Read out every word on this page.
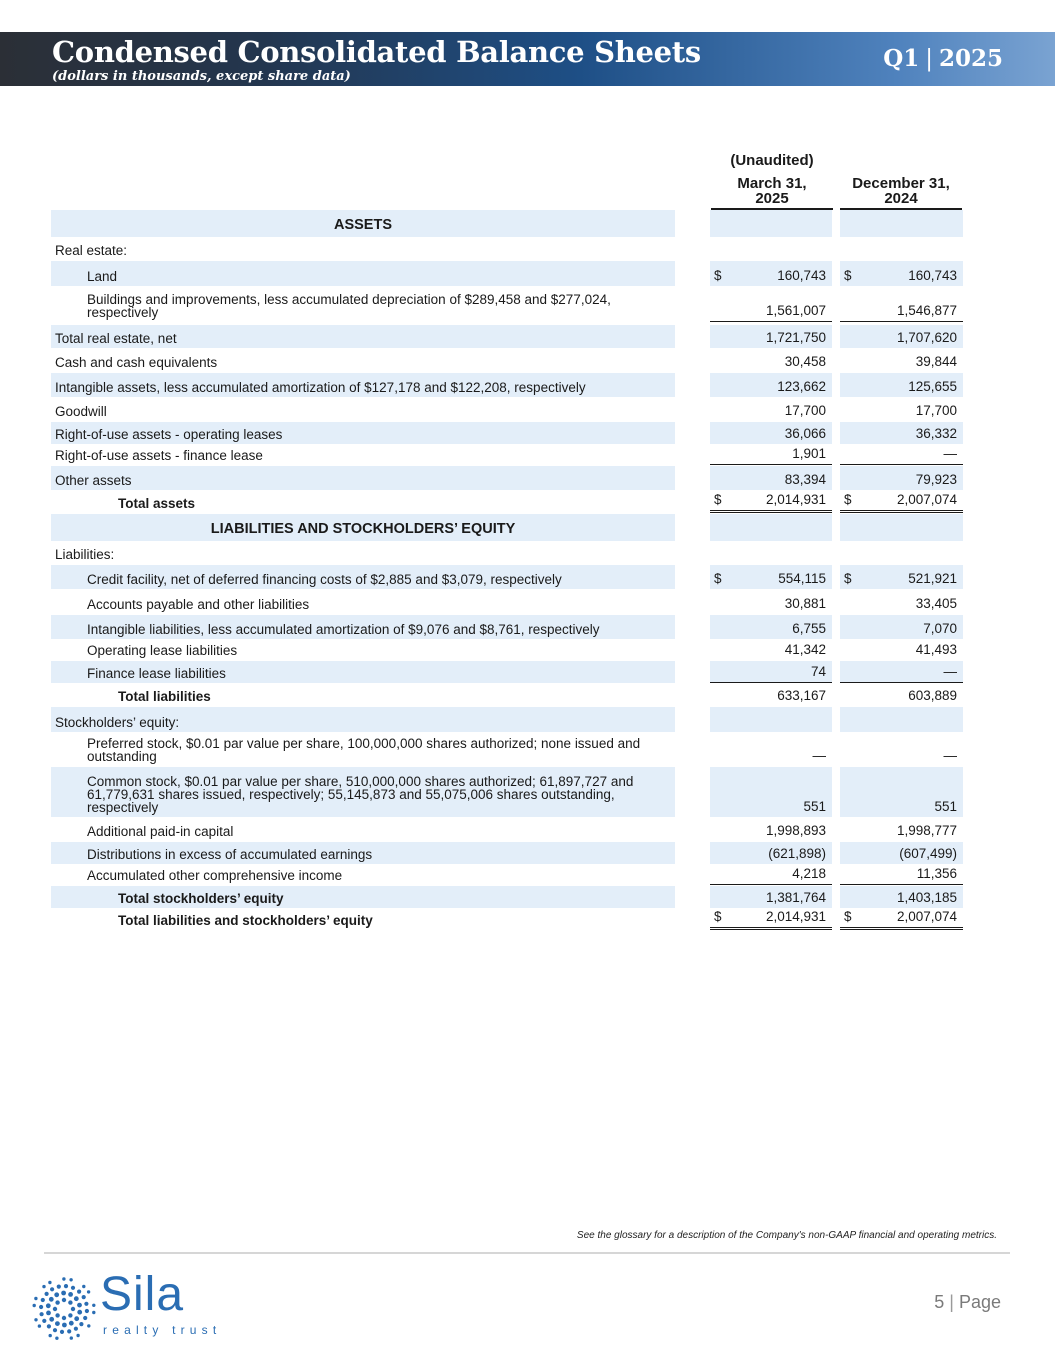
Condensed Consolidated Balance Sheets
(dollars in thousands, except share data)
Q1 | 2025
(Unaudited)
March 31,
2025
December 31,
2024
ASSETS
Real estate:
Land	$	160,743 $	160,743
Buildings and improvements, less accumulated depreciation of $289,458 and $277,024, respectively	1,561,007	1,546,877
Total real estate, net	1,721,750	1,707,620
Cash and cash equivalents	30,458	39,844
Intangible assets, less accumulated amortization of $127,178 and $122,208, respectively	123,662	125,655
Goodwill	17,700	17,700
Right-of-use assets - operating leases	36,066	36,332
Right-of-use assets - finance lease	1,901	—
Other assets	83,394	79,923
Total assets	$	2,014,931 $	2,007,074
LIABILITIES AND STOCKHOLDERS’ EQUITY
Liabilities:
Credit facility, net of deferred financing costs of $2,885 and $3,079, respectively	$	554,115 $	521,921
Accounts payable and other liabilities	30,881	33,405
Intangible liabilities, less accumulated amortization of $9,076 and $8,761, respectively	6,755	7,070
Operating lease liabilities	41,342	41,493
Finance lease liabilities	74	—
Total liabilities	633,167	603,889
Stockholders’ equity:
Preferred stock, $0.01 par value per share, 100,000,000 shares authorized; none issued and outstanding	—	—
Common stock, $0.01 par value per share, 510,000,000 shares authorized; 61,897,727 and 61,779,631 shares issued, respectively; 55,145,873 and 55,075,006 shares outstanding, respectively	551	551
Additional paid-in capital	1,998,893	1,998,777
Distributions in excess of accumulated earnings	(621,898)	(607,499)
Accumulated other comprehensive income	4,218	11,356
Total stockholders’ equity	1,381,764	1,403,185
Total liabilities and stockholders’ equity	$	2,014,931 $	2,007,074
See the glossary for a description of the Company's non-GAAP financial and operating metrics.
Sila
realty trust
5 | Page
